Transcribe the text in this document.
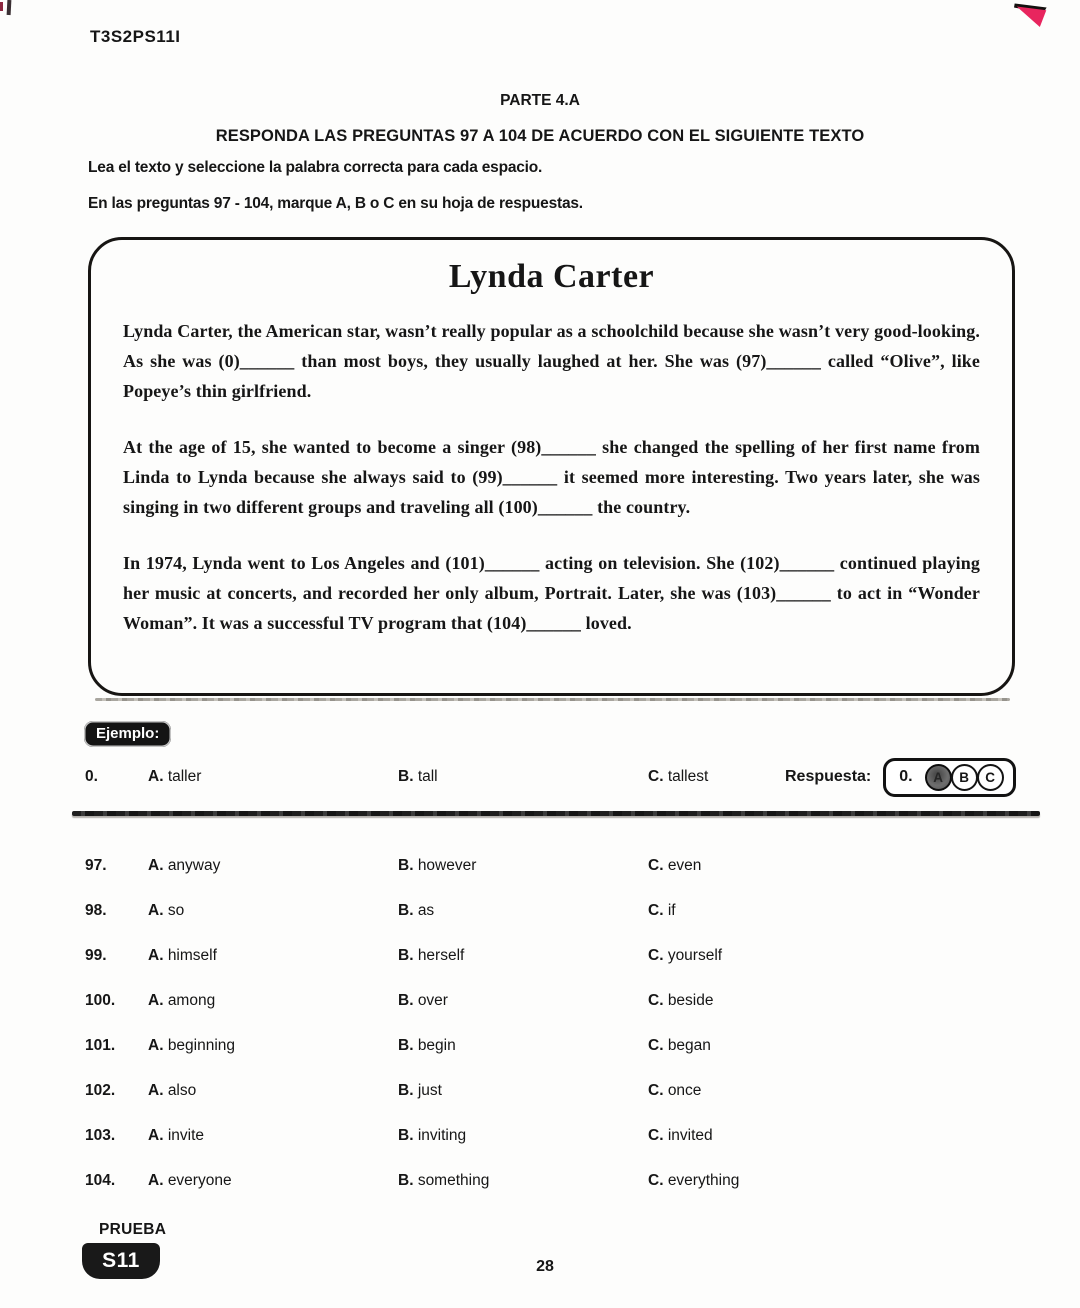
T3S2PS11I
PARTE 4.A
RESPONDA LAS PREGUNTAS 97 A 104 DE ACUERDO CON EL SIGUIENTE TEXTO
Lea el texto y seleccione la palabra correcta para cada espacio.
En las preguntas 97 - 104, marque A, B o C en su hoja de respuestas.
Lynda Carter

Lynda Carter, the American star, wasn’t really popular as a schoolchild because she wasn’t very good-looking. As she was (0)______ than most boys, they usually laughed at her. She was (97)______ called “Olive”, like Popeye’s thin girlfriend.

At the age of 15, she wanted to become a singer (98)______ she changed the spelling of her first name from Linda to Lynda because she always said to (99)______ it seemed more interesting. Two years later, she was singing in two different groups and traveling all (100)______ the country.

In 1974, Lynda went to Los Angeles and (101)______ acting on television. She (102)______ continued playing her music at concerts, and recorded her only album, Portrait. Later, she was (103)______ to act in “Wonder Woman”. It was a successful TV program that (104)______ loved.

Ejemplo:
0.	A. taller	B. tall	C. tallest	Respuesta: 0.	A	B	C
97.	A. anyway	B. however	C. even
98.	A. so	B. as	C. if
99.	A. himself	B. herself	C. yourself
100.	A. among	B. over	C. beside
101.	A. beginning	B. begin	C. began
102.	A. also	B. just	C. once
103.	A. invite	B. inviting	C. invited
104.	A. everyone	B. something	C. everything
PRUEBA
S11	28
